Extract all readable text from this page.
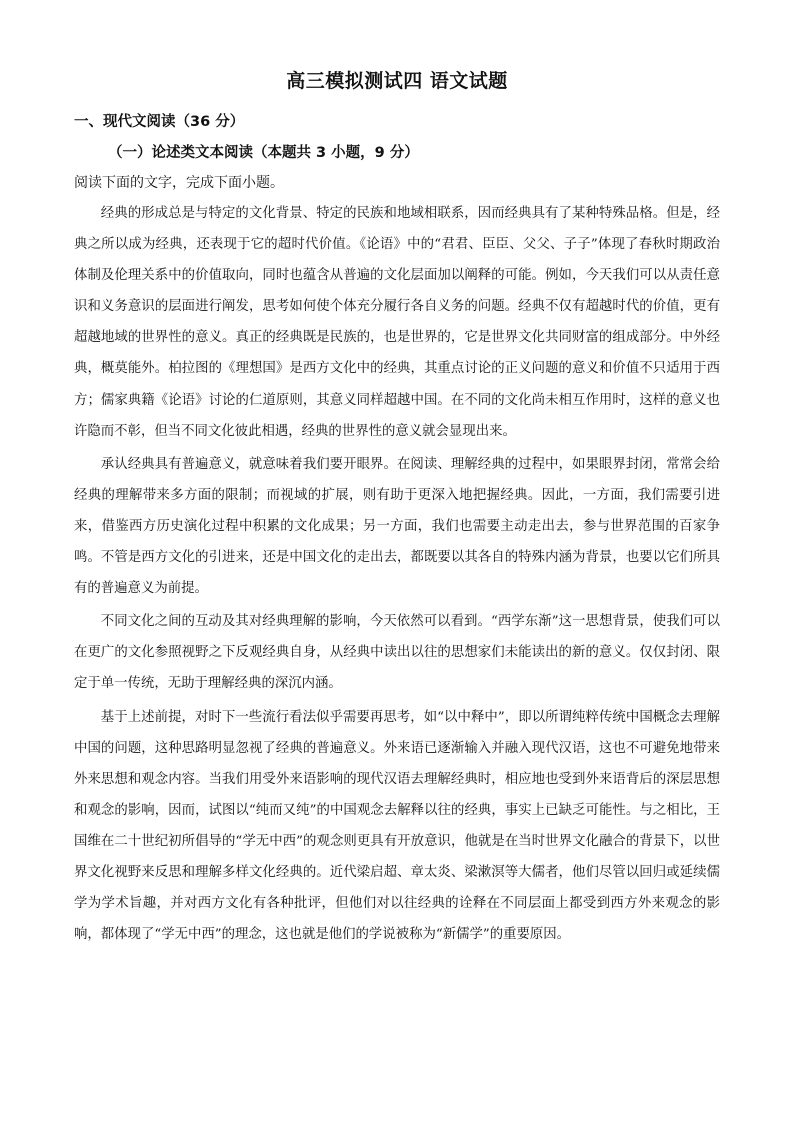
高三模拟测试四 语文试题
一、现代文阅读（36 分）
（一）论述类文本阅读（本题共 3 小题，9 分）
阅读下面的文字，完成下面小题。

经典的形成总是与特定的文化背景、特定的民族和地域相联系，因而经典具有了某种特殊品格。但是，经典之所以成为经典，还表现于它的超时代价值。《论语》中的“君君、臣臣、父父、子子”体现了春秋时期政治体制及伦理关系中的价值取向，同时也蕴含从普遍的文化层面加以阐释的可能。例如，今天我们可以从责任意识和义务意识的层面进行阐发，思考如何使个体充分履行各自义务的问题。经典不仅有超越时代的价值，更有超越地域的世界性的意义。真正的经典既是民族的，也是世界的，它是世界文化共同财富的组成部分。中外经典，概莫能外。柏拉图的《理想国》是西方文化中的经典，其重点讨论的正义问题的意义和价值不只适用于西方；儒家典籍《论语》讨论的仁道原则，其意义同样超越中国。在不同的文化尚未相互作用时，这样的意义也许隐而不彰，但当不同文化彼此相遇，经典的世界性的意义就会显现出来。

承认经典具有普遍意义，就意味着我们要开眼界。在阅读、理解经典的过程中，如果眼界封闭，常常会给经典的理解带来多方面的限制；而视域的扩展，则有助于更深入地把握经典。因此，一方面，我们需要引进来，借鉴西方历史演化过程中积累的文化成果；另一方面，我们也需要主动走出去，参与世界范围的百家争鸣。不管是西方文化的引进来，还是中国文化的走出去，都既要以其各自的特殊内涵为背景，也要以它们所具有的普遍意义为前提。

不同文化之间的互动及其对经典理解的影响，今天依然可以看到。“西学东渐”这一思想背景，使我们可以在更广的文化参照视野之下反观经典自身，从经典中读出以往的思想家们未能读出的新的意义。仅仅封闭、限定于单一传统，无助于理解经典的深沉内涵。

基于上述前提，对时下一些流行看法似乎需要再思考，如“以中释中”，即以所谓纯粹传统中国概念去理解中国的问题，这种思路明显忽视了经典的普遍意义。外来语已逐渐输入并融入现代汉语，这也不可避免地带来外来思想和观念内容。当我们用受外来语影响的现代汉语去理解经典时，相应地也受到外来语背后的深层思想和观念的影响，因而，试图以“纯而又纯”的中国观念去解释以往的经典，事实上已缺乏可能性。与之相比，王国维在二十世纪初所倡导的“学无中西”的观念则更具有开放意识，他就是在当时世界文化融合的背景下，以世界文化视野来反思和理解多样文化经典的。近代梁启超、章太炎、梁漱溟等大儒者，他们尽管以回归或延续儒学为学术旨趣，并对西方文化有各种批评，但他们对以往经典的诠释在不同层面上都受到西方外来观念的影响，都体现了“学无中西”的理念，这也就是他们的学说被称为“新儒学”的重要原因。
